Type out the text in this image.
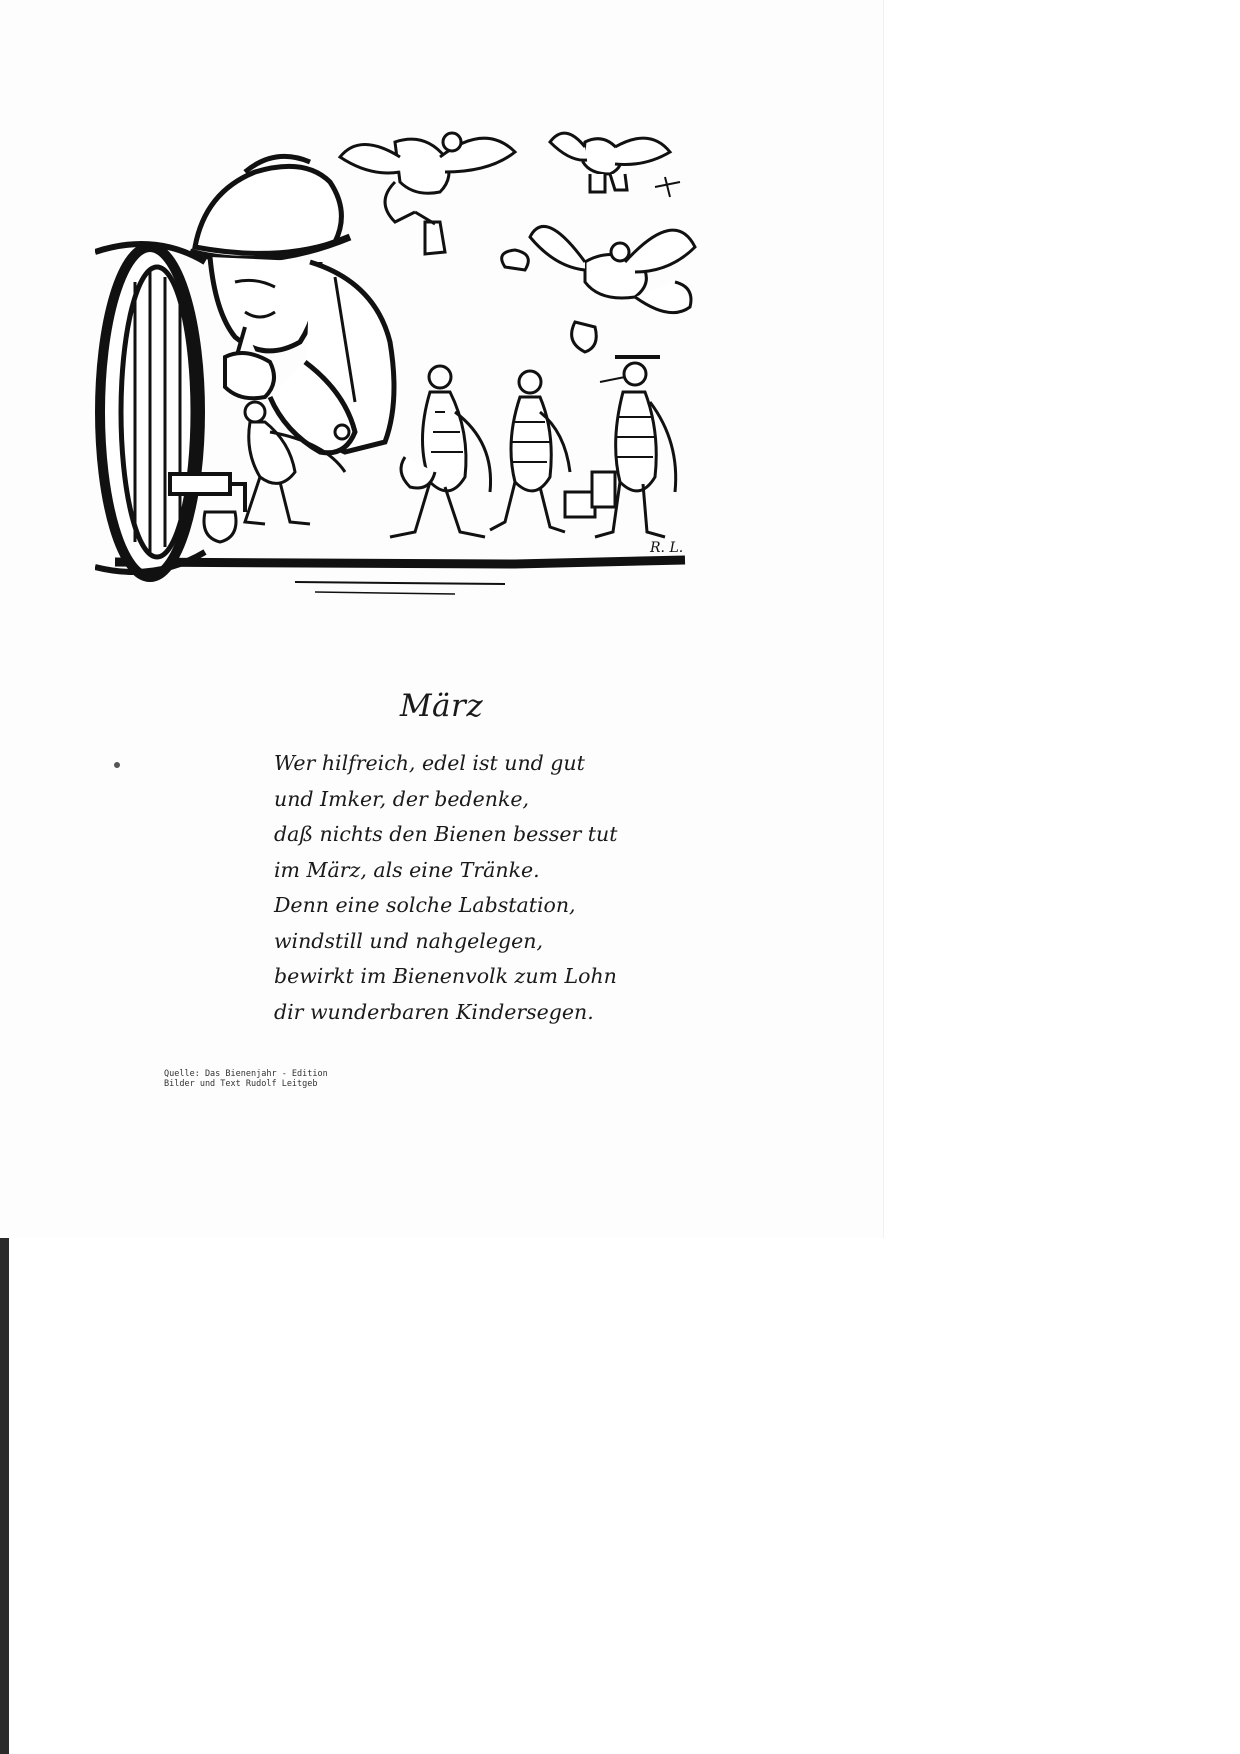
R. L.
März
Wer hilfreich, edel ist und gut
und Imker, der bedenke,
daß nichts den Bienen besser tut
im März, als eine Tränke.
Denn eine solche Labstation,
windstill und nahgelegen,
bewirkt im Bienenvolk zum Lohn
dir wunderbaren Kindersegen.
Quelle: Das Bienenjahr - Edition
Bilder und Text Rudolf Leitgeb
